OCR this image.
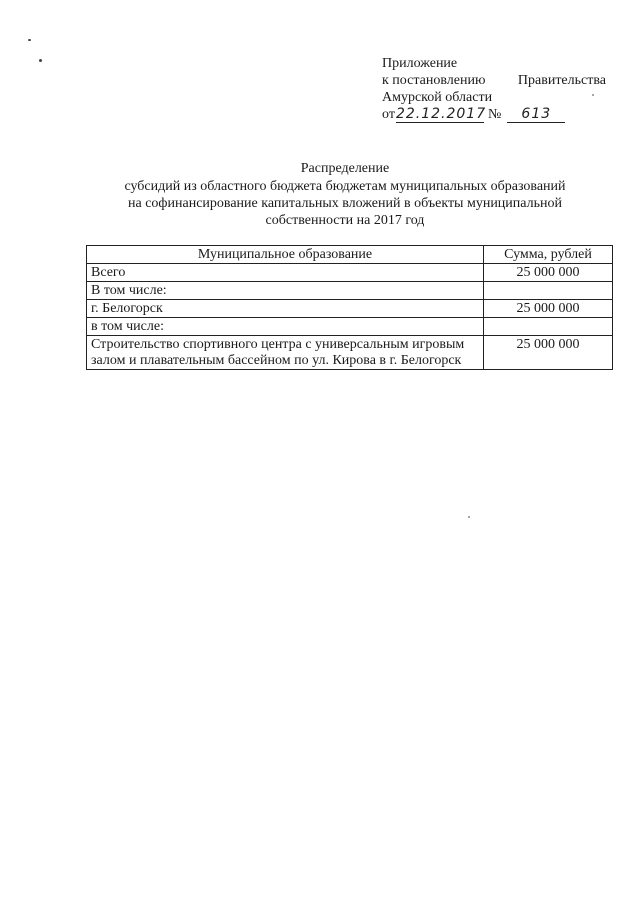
Приложение
к постановлению Правительства
Амурской области
от 22.12.2017 №	613
Распределение
субсидий из областного бюджета бюджетам муниципальных образований
на софинансирование капитальных вложений в объекты муниципальной
собственности на 2017 год
Муниципальное образование	Сумма, рублей
Всего	25 000 000
В том числе:	
г. Белогорск	25 000 000
в том числе:	
Строительство спортивного центра с универсальным игровым залом и плавательным бассейном по ул. Кирова в г. Белогорск	25 000 000
